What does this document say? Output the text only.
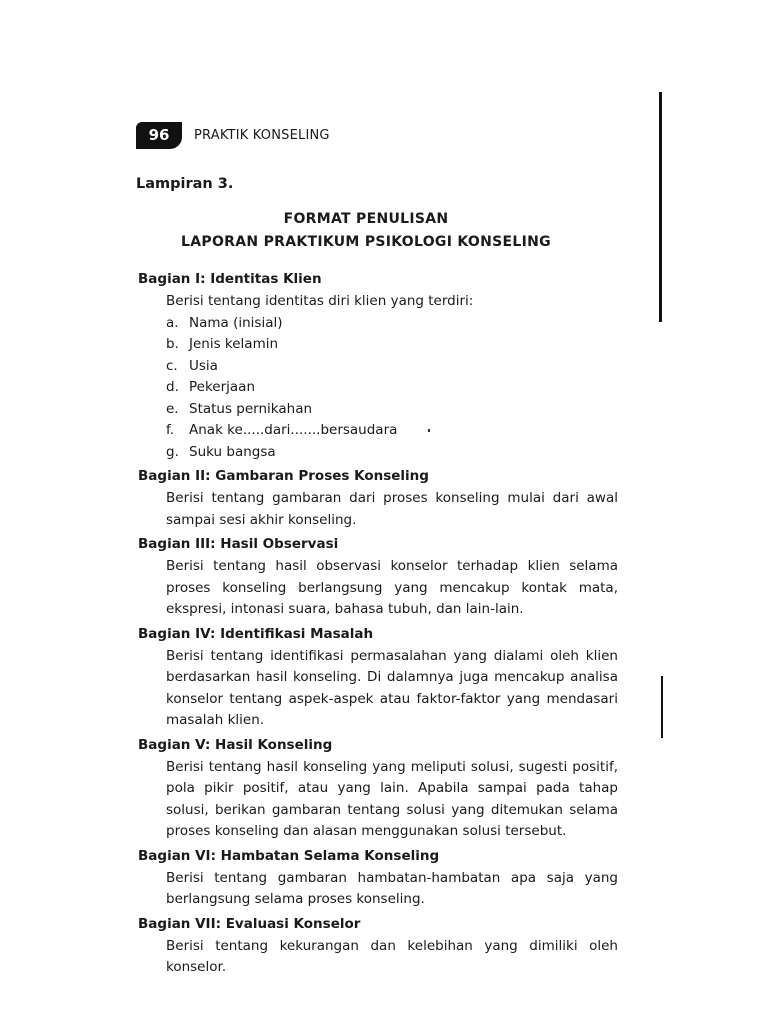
96	PRAKTIK KONSELING
Lampiran 3.
FORMAT PENULISAN
LAPORAN PRAKTIKUM PSIKOLOGI KONSELING
Bagian I: Identitas Klien

Berisi tentang identitas diri klien yang terdiri:

a. Nama (inisial)
b. Jenis kelamin
c. Usia
d. Pekerjaan
e. Status pernikahan
f.	Anak ke.....dari.......bersaudara
g. Suku bangsa
Bagian II: Gambaran Proses Konseling

Berisi tentang gambaran dari proses konseling mulai dari awal sampai sesi akhir konseling.

Bagian III: Hasil Observasi

Berisi tentang hasil observasi konselor terhadap klien selama proses konseling berlangsung yang mencakup kontak mata, ekspresi, intonasi suara, bahasa tubuh, dan lain-lain.

Bagian IV: Identifikasi Masalah

Berisi tentang identifikasi permasalahan yang dialami oleh klien berdasarkan hasil konseling. Di dalamnya juga mencakup analisa konselor tentang aspek-aspek atau faktor-faktor yang mendasari masalah klien.

Bagian V: Hasil Konseling

Berisi tentang hasil konseling yang meliputi solusi, sugesti positif, pola pikir positif, atau yang lain. Apabila sampai pada tahap solusi, berikan gambaran tentang solusi yang ditemukan selama proses konseling dan alasan menggunakan solusi tersebut.

Bagian VI: Hambatan Selama Konseling

Berisi tentang gambaran hambatan-hambatan apa saja yang berlangsung selama proses konseling.

Bagian VII: Evaluasi Konselor

Berisi tentang kekurangan dan kelebihan yang dimiliki oleh konselor.
